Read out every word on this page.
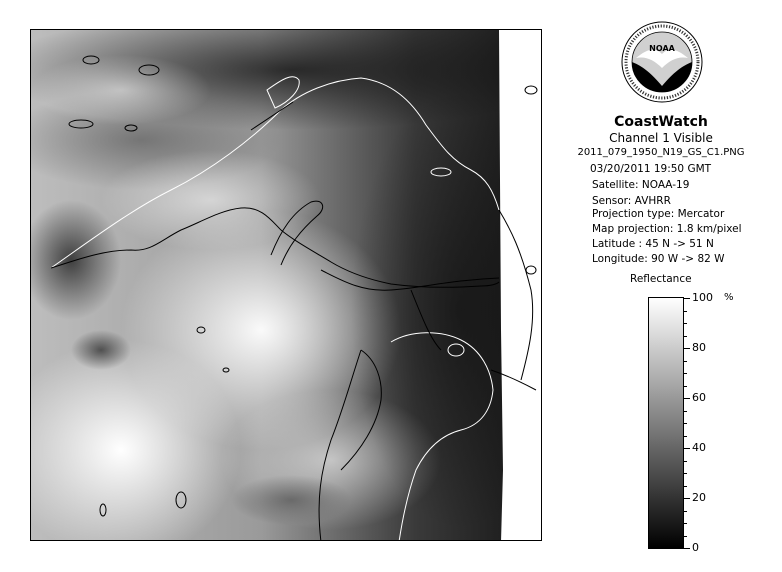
NOAA
CoastWatch
Channel 1 Visible
2011_079_1950_N19_GS_C1.PNG
03/20/2011 19:50 GMT
Satellite: NOAA-19
Sensor: AVHRR
Projection type: Mercator
Map projection: 1.8 km/pixel
Latitude : 45 N -> 51 N
Longitude: 90 W -> 82 W
Reflectance
%
100
80
60
40
20
0
